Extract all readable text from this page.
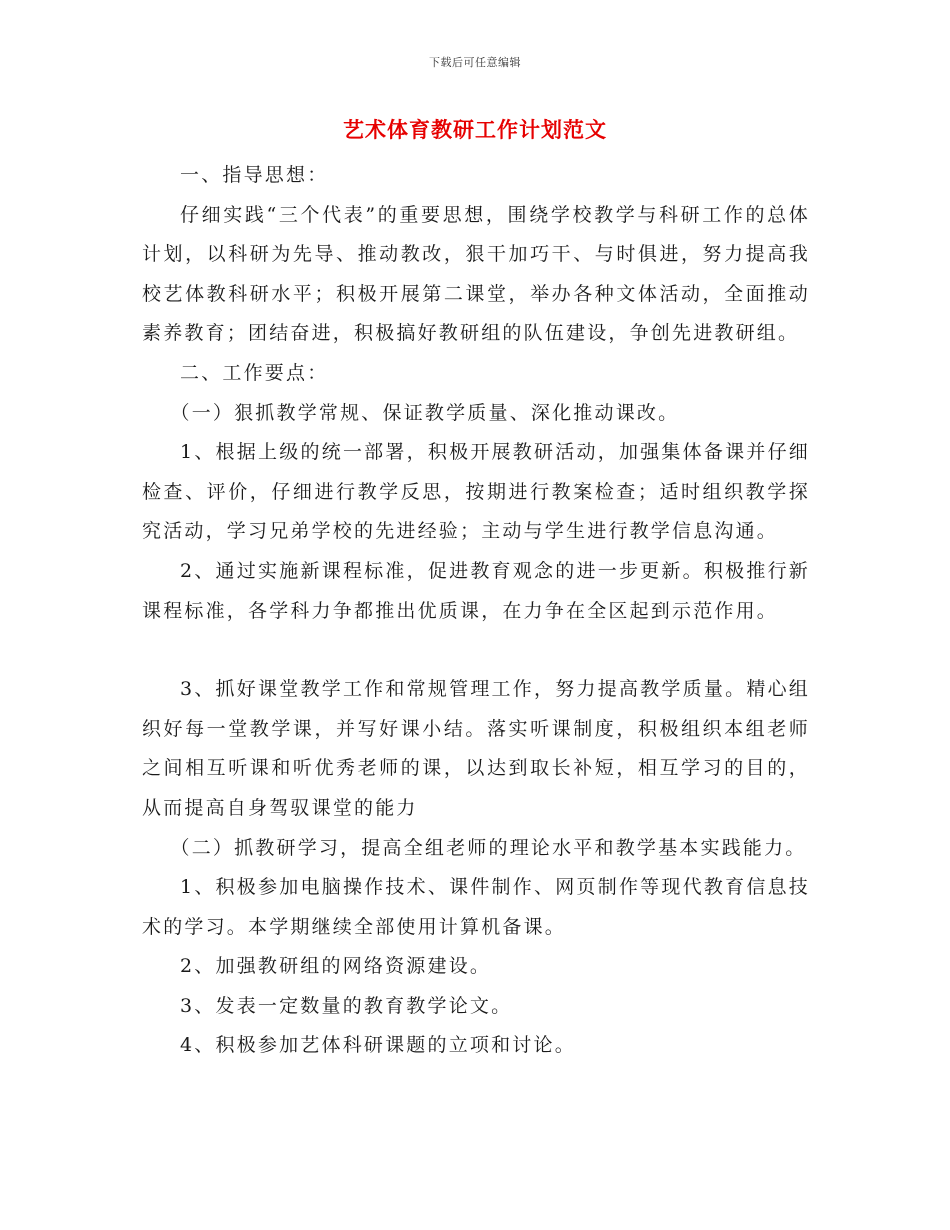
下载后可任意编辑
艺术体育教研工作计划范文

一、指导思想：

仔细实践“三个代表”的重要思想，围绕学校教学与科研工作的总体计划，以科研为先导、推动教改，狠干加巧干、与时俱进，努力提高我校艺体教科研水平；积极开展第二课堂，举办各种文体活动，全面推动素养教育；团结奋进，积极搞好教研组的队伍建设，争创先进教研组。

二、工作要点：

（一）狠抓教学常规、保证教学质量、深化推动课改。

1、根据上级的统一部署，积极开展教研活动，加强集体备课并仔细检查、评价，仔细进行教学反思，按期进行教案检查；适时组织教学探究活动，学习兄弟学校的先进经验；主动与学生进行教学信息沟通。

2、通过实施新课程标准，促进教育观念的进一步更新。积极推行新课程标准，各学科力争都推出优质课，在力争在全区起到示范作用。

3、抓好课堂教学工作和常规管理工作，努力提高教学质量。精心组织好每一堂教学课，并写好课小结。落实听课制度，积极组织本组老师之间相互听课和听优秀老师的课，以达到取长补短，相互学习的目的，从而提高自身驾驭课堂的能力

（二）抓教研学习，提高全组老师的理论水平和教学基本实践能力。

1、积极参加电脑操作技术、课件制作、网页制作等现代教育信息技术的学习。本学期继续全部使用计算机备课。

2、加强教研组的网络资源建设。

3、发表一定数量的教育教学论文。

4、积极参加艺体科研课题的立项和讨论。
